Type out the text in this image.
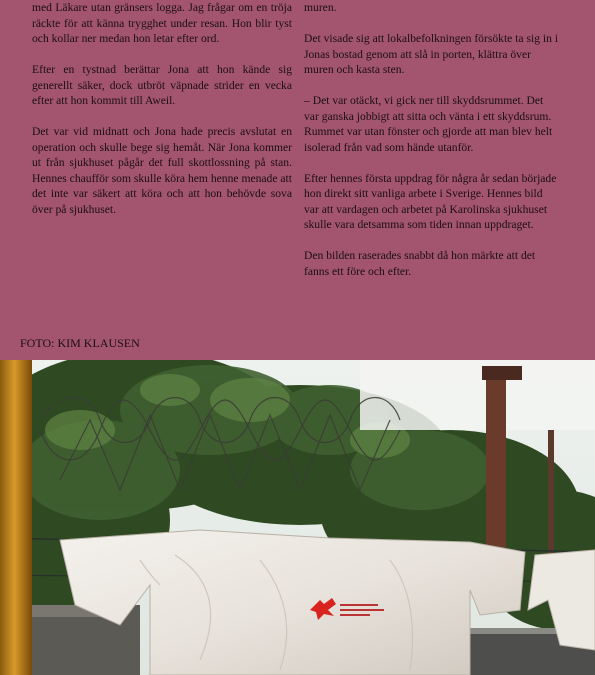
med Läkare utan gränsers logga. Jag frågar om en tröja räckte för att känna trygghet under resan. Hon blir tyst och kollar ner medan hon letar efter ord.

Efter en tystnad berättar Jona att hon kände sig generellt säker, dock utbröt väpnade strider en vecka efter att hon kommit till Aweil.

Det var vid midnatt och Jona hade precis avslutat en operation och skulle bege sig hemåt. När Jona kommer ut från sjukhuset pågår det full skottlossning på stan. Hennes chaufför som skulle köra hem henne menade att det inte var säkert att köra och att hon behövde sova över på sjukhuset.

muren.

Det visade sig att lokalbefolkningen försökte ta sig in i Jonas bostad genom att slå in porten, klättra över muren och kasta sten.

– Det var otäckt, vi gick ner till skyddsrummet. Det var ganska jobbigt att sitta och vänta i ett skyddsrum. Rummet var utan fönster och gjorde att man blev helt isolerad från vad som hände utanför.

Efter hennes första uppdrag för några år sedan började hon direkt sitt vanliga arbete i Sverige. Hennes bild var att vardagen och arbetet på Karolinska sjukhuset skulle vara detsamma som tiden innan uppdraget.

Den bilden raserades snabbt då hon märkte att det fanns ett före och efter.

FOTO: KIM KLAUSEN
